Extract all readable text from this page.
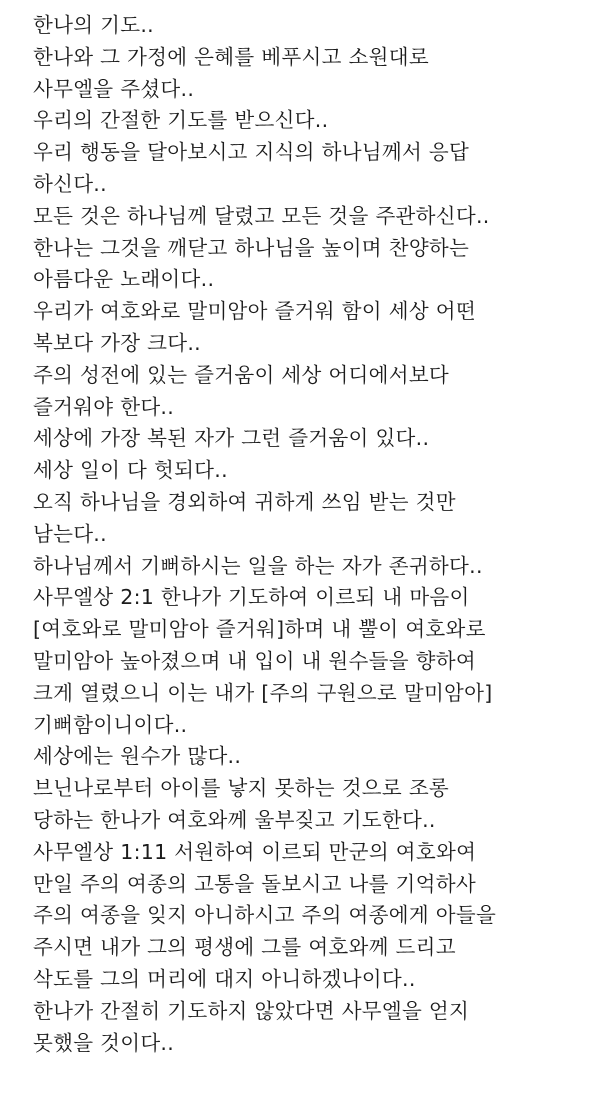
한나의 기도..
한나와 그 가정에 은혜를 베푸시고 소원대로
사무엘을 주셨다..
우리의 간절한 기도를 받으신다..
우리 행동을 달아보시고 지식의 하나님께서 응답
하신다..
모든 것은 하나님께 달렸고 모든 것을 주관하신다..
한나는 그것을 깨닫고 하나님을 높이며 찬양하는
아름다운 노래이다..
우리가 여호와로 말미암아 즐거워 함이 세상 어떤
복보다 가장 크다..
주의 성전에 있는 즐거움이 세상 어디에서보다
즐거워야 한다..
세상에 가장 복된 자가 그런 즐거움이 있다..
세상 일이 다 헛되다..
오직 하나님을 경외하여 귀하게 쓰임 받는 것만
남는다..
하나님께서 기뻐하시는 일을 하는 자가 존귀하다..
사무엘상 2:1 한나가 기도하여 이르되 내 마음이
[여호와로 말미암아 즐거워]하며 내 뿔이 여호와로
말미암아 높아졌으며 내 입이 내 원수들을 향하여
크게 열렸으니 이는 내가 [주의 구원으로 말미암아]
기뻐함이니이다..
세상에는 원수가 많다..
브닌나로부터 아이를 낳지 못하는 것으로 조롱
당하는 한나가 여호와께 울부짖고 기도한다..
사무엘상 1:11 서원하여 이르되 만군의 여호와여
만일 주의 여종의 고통을 돌보시고 나를 기억하사
주의 여종을 잊지 아니하시고 주의 여종에게 아들을
주시면 내가 그의 평생에 그를 여호와께 드리고
삭도를 그의 머리에 대지 아니하겠나이다..
한나가 간절히 기도하지 않았다면 사무엘을 얻지
못했을 것이다..
